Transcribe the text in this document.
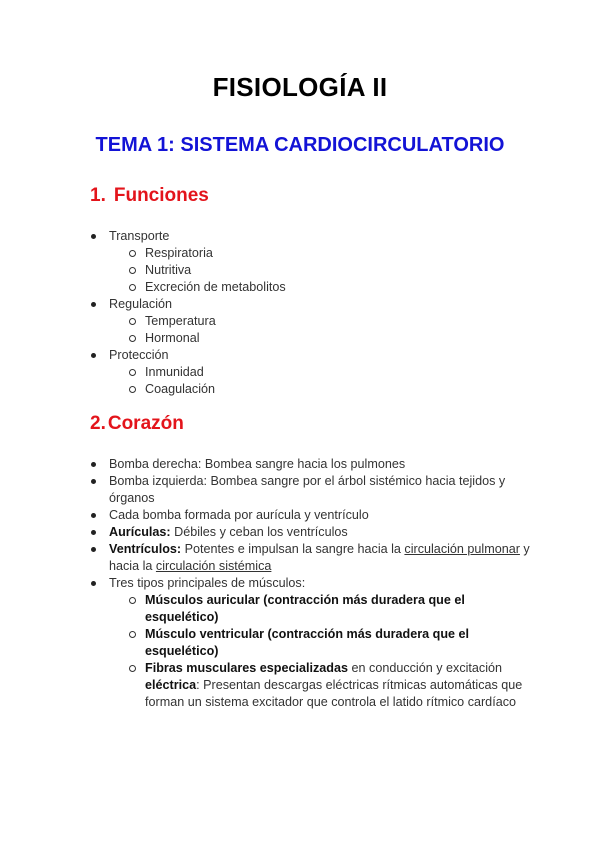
FISIOLOGÍA II
TEMA 1: SISTEMA CARDIOCIRCULATORIO
1. Funciones
Transporte
Respiratoria
Nutritiva
Excreción de metabolitos
Regulación
Temperatura
Hormonal
Protección
Inmunidad
Coagulación
2. Corazón
Bomba derecha: Bombea sangre hacia los pulmones
Bomba izquierda: Bombea sangre por el árbol sistémico hacia tejidos y órganos
Cada bomba formada por aurícula y ventrículo
Aurículas: Débiles y ceban los ventrículos
Ventrículos: Potentes e impulsan la sangre hacia la circulación pulmonar y hacia la circulación sistémica
Tres tipos principales de músculos:
Músculos auricular (contracción más duradera que el esquelético)
Músculo ventricular (contracción más duradera que el esquelético)
Fibras musculares especializadas en conducción y excitación eléctrica: Presentan descargas eléctricas rítmicas automáticas que forman un sistema excitador que controla el latido rítmico cardíaco
